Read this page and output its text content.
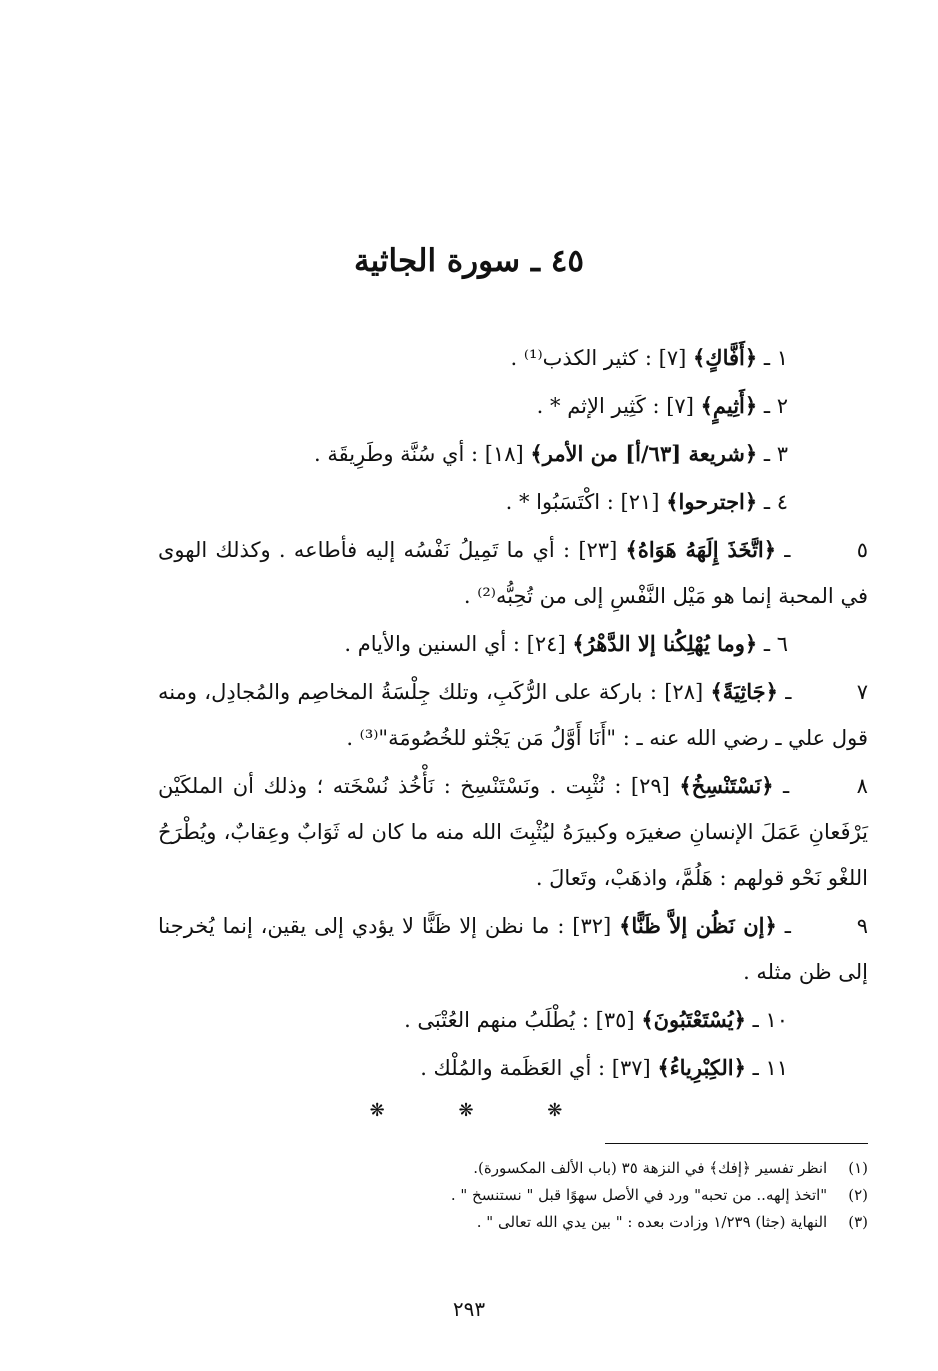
٤٥ ـ سورة الجاثية

١ ـ ﴿أَفَّاكٍ﴾ [٧] : كثير الكذب⁽¹⁾ .

٢ ـ ﴿أَثِيمٍ﴾ [٧] : كَثِير الإثم * .

٣ ـ ﴿شريعة [٦٣/أ] من الأمر﴾ [١٨] : أي سُنَّة وطَرِيقَة .

٤ ـ ﴿اجترحوا﴾ [٢١] : اكْتَسَبُوا * .

٥ ـ ﴿اتَّخَذَ إِلَهَهُ هَوَاهُ﴾ [٢٣] : أي ما تَمِيلُ نَفْسُه إليه فأطاعه . وكذلك الهوى في المحبة إنما هو مَيْل النَّفْسِ إلى من تُحِبُّه⁽²⁾ .

٦ ـ ﴿وما يُهْلِكُنا إلا الدَّهْرُ﴾ [٢٤] : أي السنين والأيام .

٧ ـ ﴿جَاثِيَةً﴾ [٢٨] : باركة على الرُّكَبِ، وتلك جِلْسَةُ المخاصِم والمُجادِل، ومنه قول علي ـ رضي الله عنه ـ : "أَنَا أَوَّلُ مَن يَجْثو للخُصُومَة"⁽³⁾ .

٨ ـ ﴿نَسْتَنْسِخُ﴾ [٢٩] : نُثْبِت . ونَسْتَنْسِخ : نَأْخُذ نُسْخَته ؛ وذلك أن الملكَيْن يَرْفَعانِ عَمَلَ الإنسانِ صغيرَه وكبيرَهُ ليُثْبِتَ الله منه ما كان له ثَوَابٌ وعِقابٌ، ويُطْرَحُ اللغْو نَحْو قولهم : هَلُمَّ، واذهَبْ، وتَعالَ .

٩ ـ ﴿إن نَظُن إلاَّ ظَنًّا﴾ [٣٢] : ما نظن إلا ظَنًّا لا يؤدي إلى يقين، إنما يُخرجنا إلى ظن مثله .

١٠ ـ ﴿يُسْتَعْتَبُونَ﴾ [٣٥] : يُطْلَبُ منهم العُتْبَى .

١١ ـ ﴿الكِبْرِياءُ﴾ [٣٧] : أي العَظَمة والمُلْك .

❋ ❋ ❋

(١) انظر تفسير ﴿إفك﴾ في النزهة ٣٥ (باب الألف المكسورة).

(٢) "اتخذ إلهه.. من تحبه" ورد في الأصل سهوًا قبل " نستنسخ " .

(٣) النهاية (جثا) ١/٢٣٩ وزادت بعده : " بين يدي الله تعالى " .

٢٩٣
